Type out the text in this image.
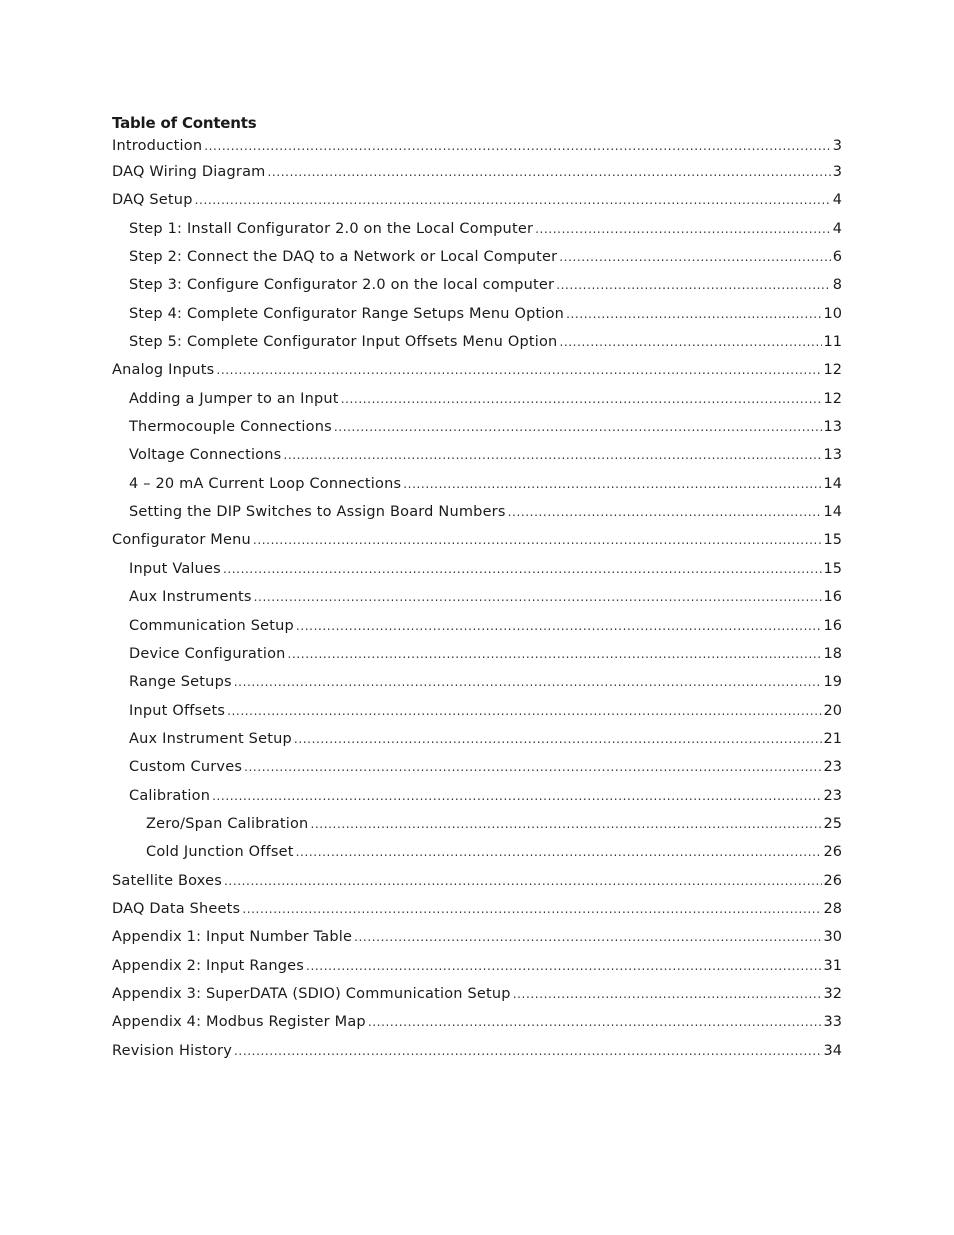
Table of Contents
Introduction .....	3
DAQ Wiring Diagram .....	3
DAQ Setup .....	4
Step 1: Install Configurator 2.0 on the Local Computer .....	4
Step 2: Connect the DAQ to a Network or Local Computer .....	6
Step 3: Configure Configurator 2.0 on the local computer .....	8
Step 4: Complete Configurator Range Setups Menu Option .....	10
Step 5: Complete Configurator Input Offsets Menu Option .....	11
Analog Inputs .....	12
Adding a Jumper to an Input .....	12
Thermocouple Connections .....	13
Voltage Connections .....	13
4 – 20 mA Current Loop Connections .....	14
Setting the DIP Switches to Assign Board Numbers .....	14
Configurator Menu .....	15
Input Values .....	15
Aux Instruments .....	16
Communication Setup .....	16
Device Configuration .....	18
Range Setups .....	19
Input Offsets .....	20
Aux Instrument Setup .....	21
Custom Curves .....	23
Calibration .....	23
Zero/Span Calibration .....	25
Cold Junction Offset .....	26
Satellite Boxes .....	26
DAQ Data Sheets .....	28
Appendix 1: Input Number Table .....	30
Appendix 2: Input Ranges .....	31
Appendix 3: SuperDATA (SDIO) Communication Setup .....	32
Appendix 4: Modbus Register Map .....	33
Revision History .....	34
